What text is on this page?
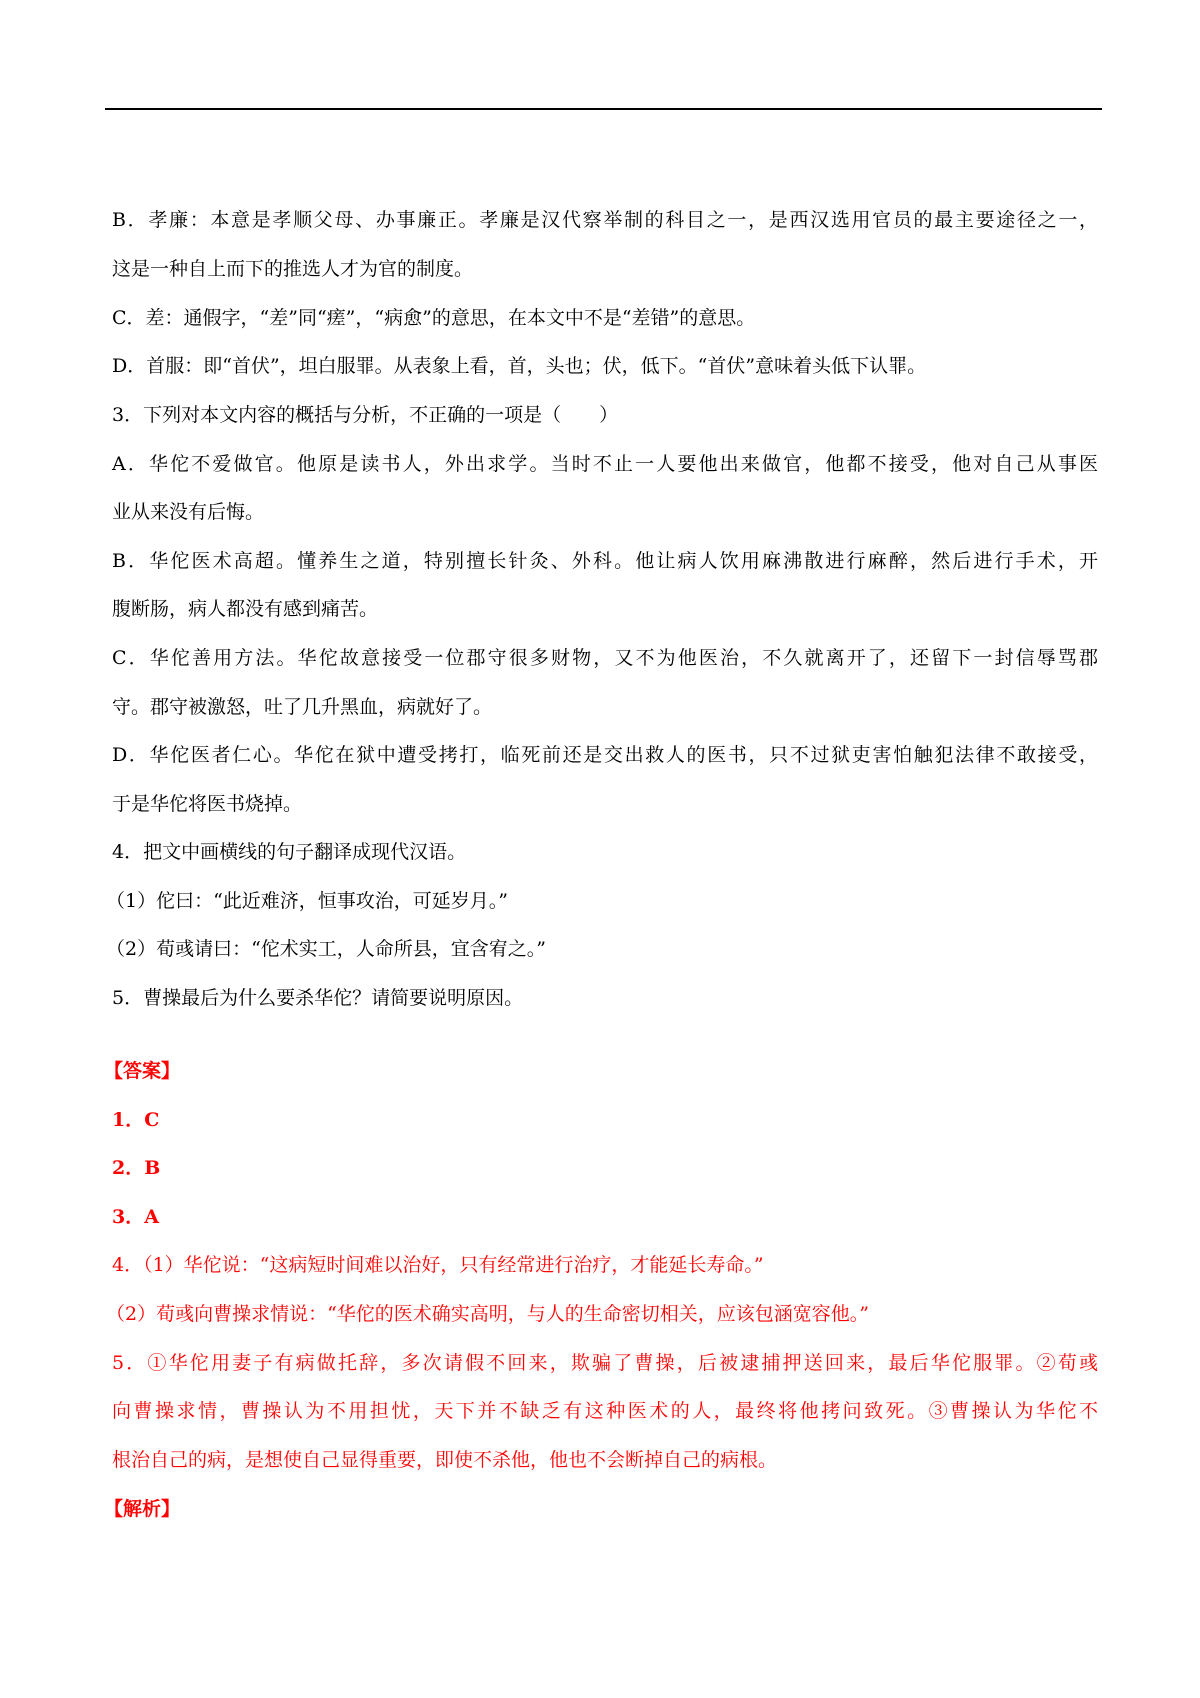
B．孝廉：本意是孝顺父母、办事廉正。孝廉是汉代察举制的科目之一，是西汉选用官员的最主要途径之一，
这是一种自上而下的推选人才为官的制度。
C．差：通假字，“差”同“瘥”，“病愈”的意思，在本文中不是“差错”的意思。
D．首服：即“首伏”，坦白服罪。从表象上看，首，头也；伏，低下。“首伏”意味着头低下认罪。
3．下列对本文内容的概括与分析，不正确的一项是（　　）
A．华佗不爱做官。他原是读书人，外出求学。当时不止一人要他出来做官，他都不接受，他对自己从事医
业从来没有后悔。
B．华佗医术高超。懂养生之道，特别擅长针灸、外科。他让病人饮用麻沸散进行麻醉，然后进行手术，开
腹断肠，病人都没有感到痛苦。
C．华佗善用方法。华佗故意接受一位郡守很多财物，又不为他医治，不久就离开了，还留下一封信辱骂郡
守。郡守被激怒，吐了几升黑血，病就好了。
D．华佗医者仁心。华佗在狱中遭受拷打，临死前还是交出救人的医书，只不过狱吏害怕触犯法律不敢接受，
于是华佗将医书烧掉。
4．把文中画横线的句子翻译成现代汉语。
（1）佗曰：“此近难济，恒事攻治，可延岁月。”
（2）荀彧请曰：“佗术实工，人命所县，宜含宥之。”
5．曹操最后为什么要杀华佗？请简要说明原因。
【答案】
1．C
2．B
3．A
4．（1）华佗说：“这病短时间难以治好，只有经常进行治疗，才能延长寿命。”
（2）荀彧向曹操求情说：“华佗的医术确实高明，与人的生命密切相关，应该包涵宽容他。”
5．①华佗用妻子有病做托辞，多次请假不回来，欺骗了曹操，后被逮捕押送回来，最后华佗服罪。②荀彧
向曹操求情，曹操认为不用担忧，天下并不缺乏有这种医术的人，最终将他拷问致死。③曹操认为华佗不
根治自己的病，是想使自己显得重要，即使不杀他，他也不会断掉自己的病根。
【解析】
